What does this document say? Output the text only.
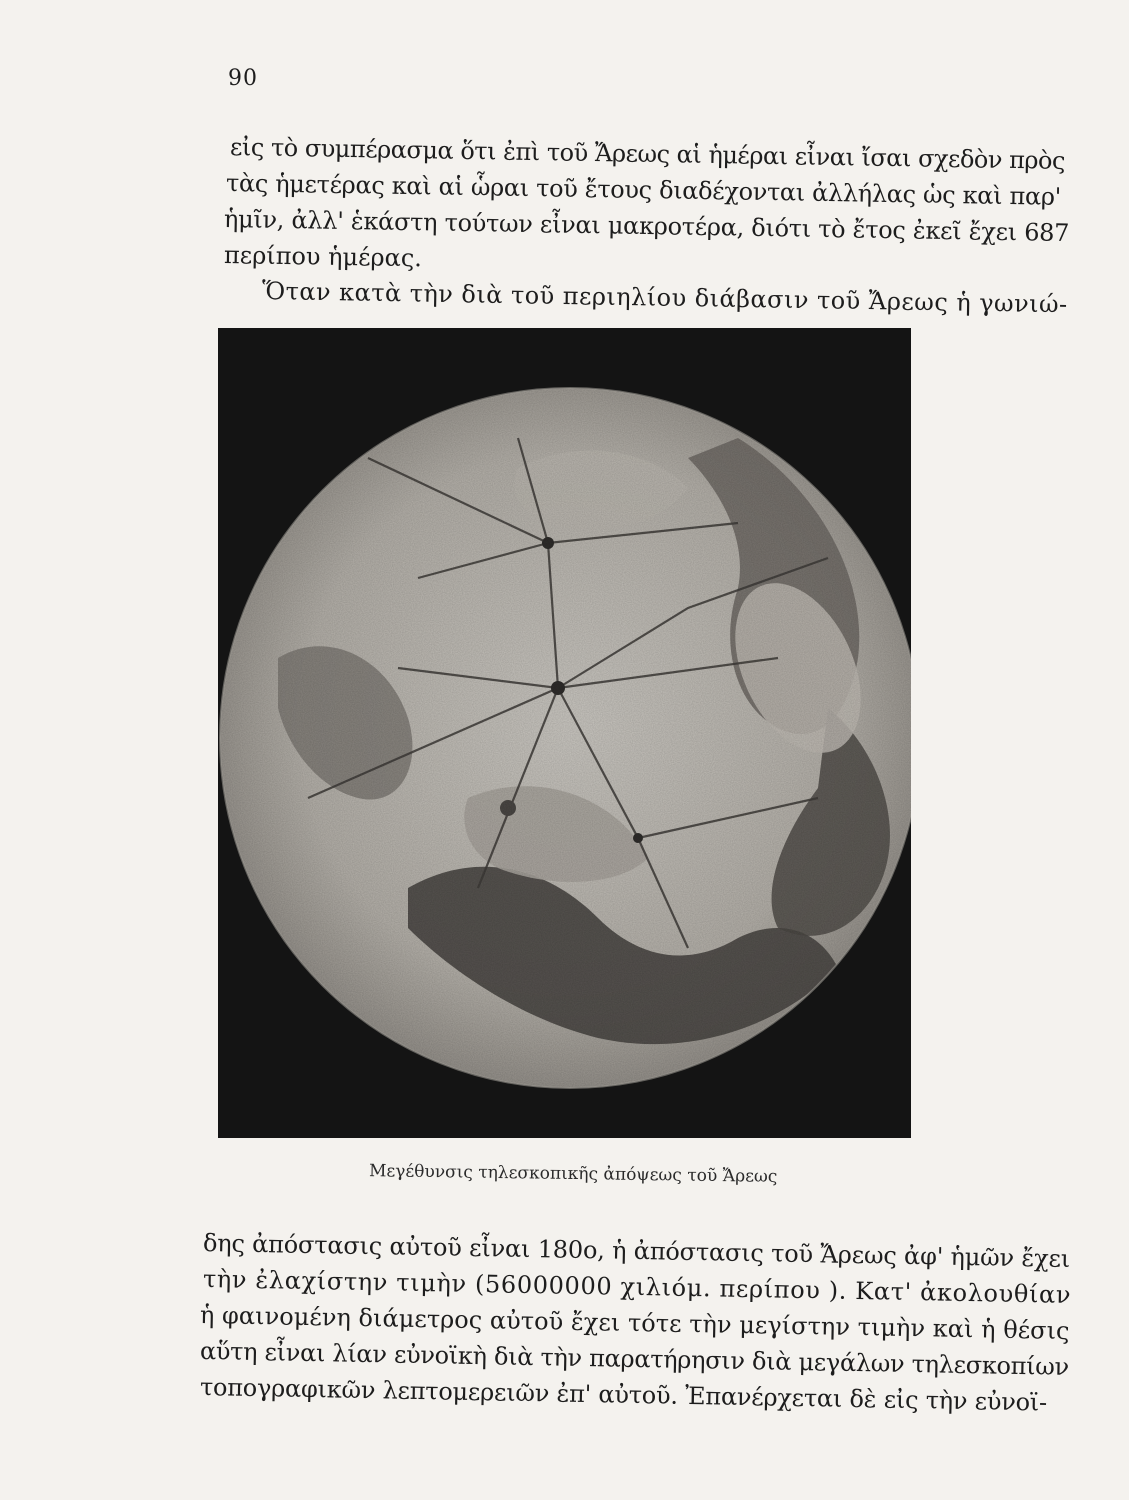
90
εἰς τὸ συμπέρασμα ὅτι ἐπὶ τοῦ Ἄρεως αἱ ἡμέραι εἶναι ἴσαι σχεδὸν πρὸς
τὰς ἡμετέρας καὶ αἱ ὧραι τοῦ ἔτους διαδέχονται ἀλλήλας ὡς καὶ παρ'
ἡμῖν, ἀλλ' ἑκάστη τούτων εἶναι μακροτέρα, διότι τὸ ἔτος ἐκεῖ ἔχει 687
περίπου ἡμέρας.
Ὅταν κατὰ τὴν διὰ τοῦ περιηλίου διάβασιν τοῦ Ἄρεως ἡ γωνιώ-
Μεγέθυνσις τηλεσκοπικῆς ἀπόψεως τοῦ Ἄρεως
δης ἀπόστασις αὐτοῦ εἶναι 180ο, ἡ ἀπόστασις τοῦ Ἄρεως ἀφ' ἡμῶν ἔχει
τὴν ἐλαχίστην τιμὴν (56000000 χιλιόμ. περίπου ). Κατ' ἀκολουθίαν
ἡ φαινομένη διάμετρος αὐτοῦ ἔχει τότε τὴν μεγίστην τιμὴν καὶ ἡ θέσις
αὕτη εἶναι λίαν εὐνοϊκὴ διὰ τὴν παρατήρησιν διὰ μεγάλων τηλεσκοπίων
τοπογραφικῶν λεπτομερειῶν ἐπ' αὐτοῦ. Ἐπανέρχεται δὲ εἰς τὴν εὐνοϊ-
